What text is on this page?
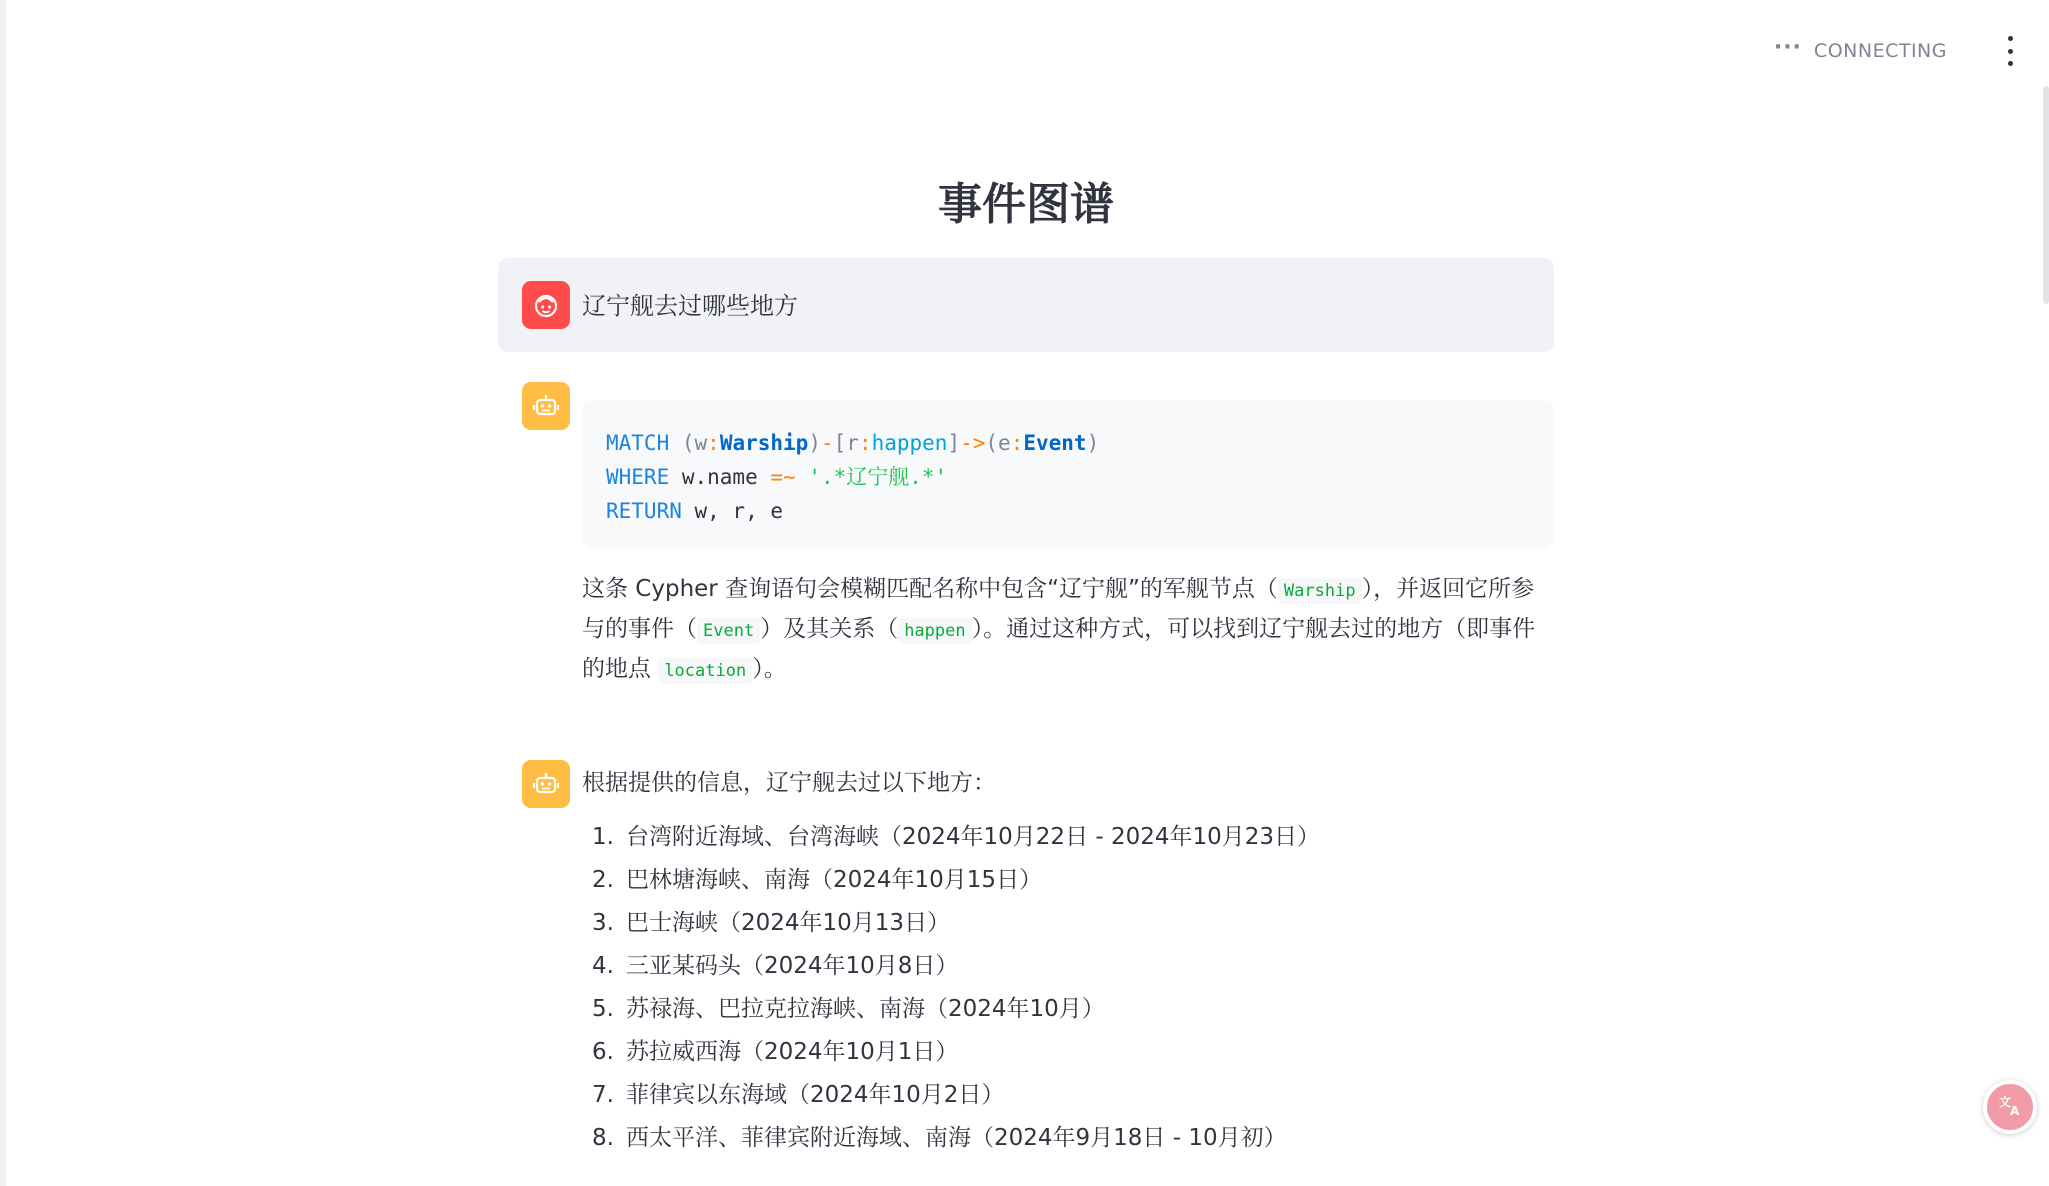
··· CONNECTING
事件图谱
辽宁舰去过哪些地方
MATCH (w:Warship)-[r:happen]->(e:Event)
WHERE w.name =~ '.*辽宁舰.*'
RETURN w, r, e
这条 Cypher 查询语句会模糊匹配名称中包含“辽宁舰”的军舰节点（ Warship ），并返回它所参与的事件（ Event ）及其关系（ happen ）。通过这种方式，可以找到辽宁舰去过的地方（即事件的地点 location ）。
根据提供的信息，辽宁舰去过以下地方：
1. 台湾附近海域、台湾海峡（2024年10月22日 - 2024年10月23日）
2. 巴林塘海峡、南海（2024年10月15日）
3. 巴士海峡（2024年10月13日）
4. 三亚某码头（2024年10月8日）
5. 苏禄海、巴拉克拉海峡、南海（2024年10月）
6. 苏拉威西海（2024年10月1日）
7. 菲律宾以东海域（2024年10月2日）
8. 西太平洋、菲律宾附近海域、南海（2024年9月18日 - 10月初）
文
A
